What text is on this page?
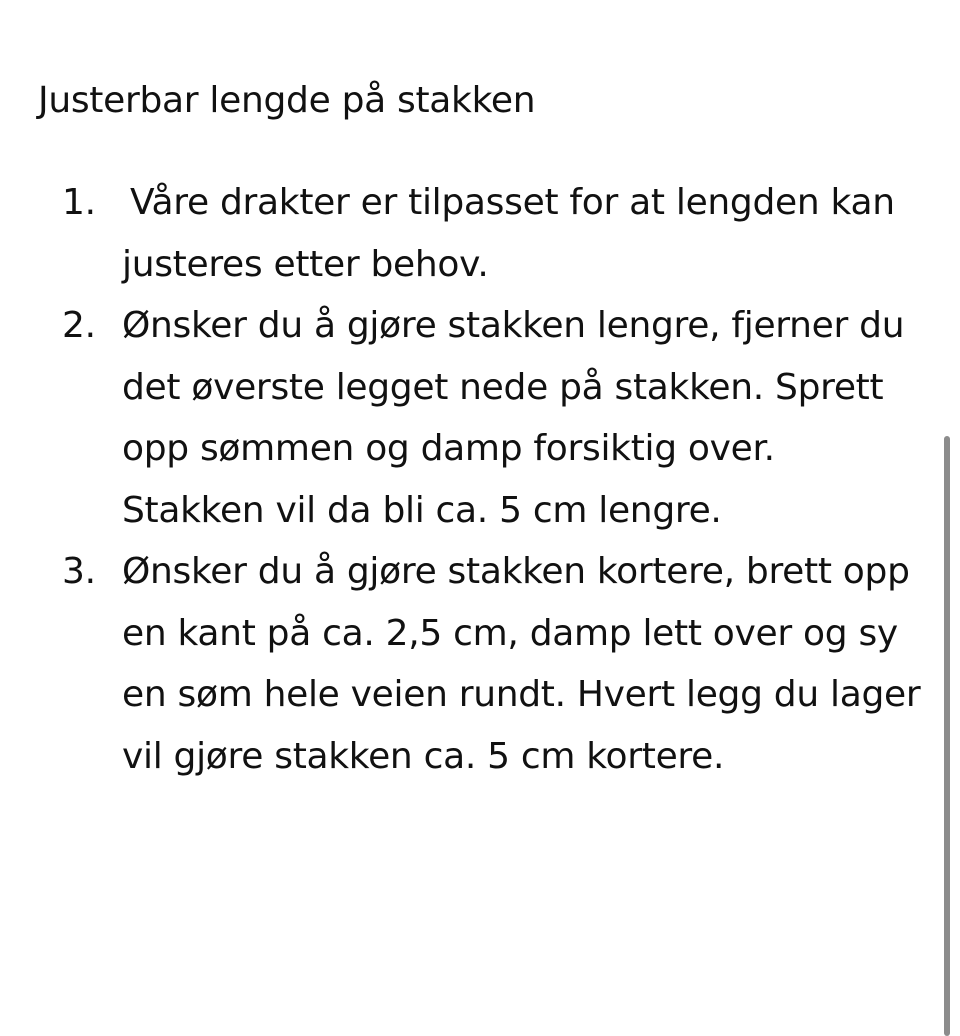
Justerbar lengde på stakken
1. Våre drakter er tilpasset for at lengden kan justeres etter behov.
2. Ønsker du å gjøre stakken lengre, fjerner du det øverste legget nede på stakken. Sprett opp sømmen og damp forsiktig over. Stakken vil da bli ca. 5 cm lengre.
3. Ønsker du å gjøre stakken kortere, brett opp en kant på ca. 2,5 cm, damp lett over og sy en søm hele veien rundt. Hvert legg du lager vil gjøre stakken ca. 5 cm kortere.
